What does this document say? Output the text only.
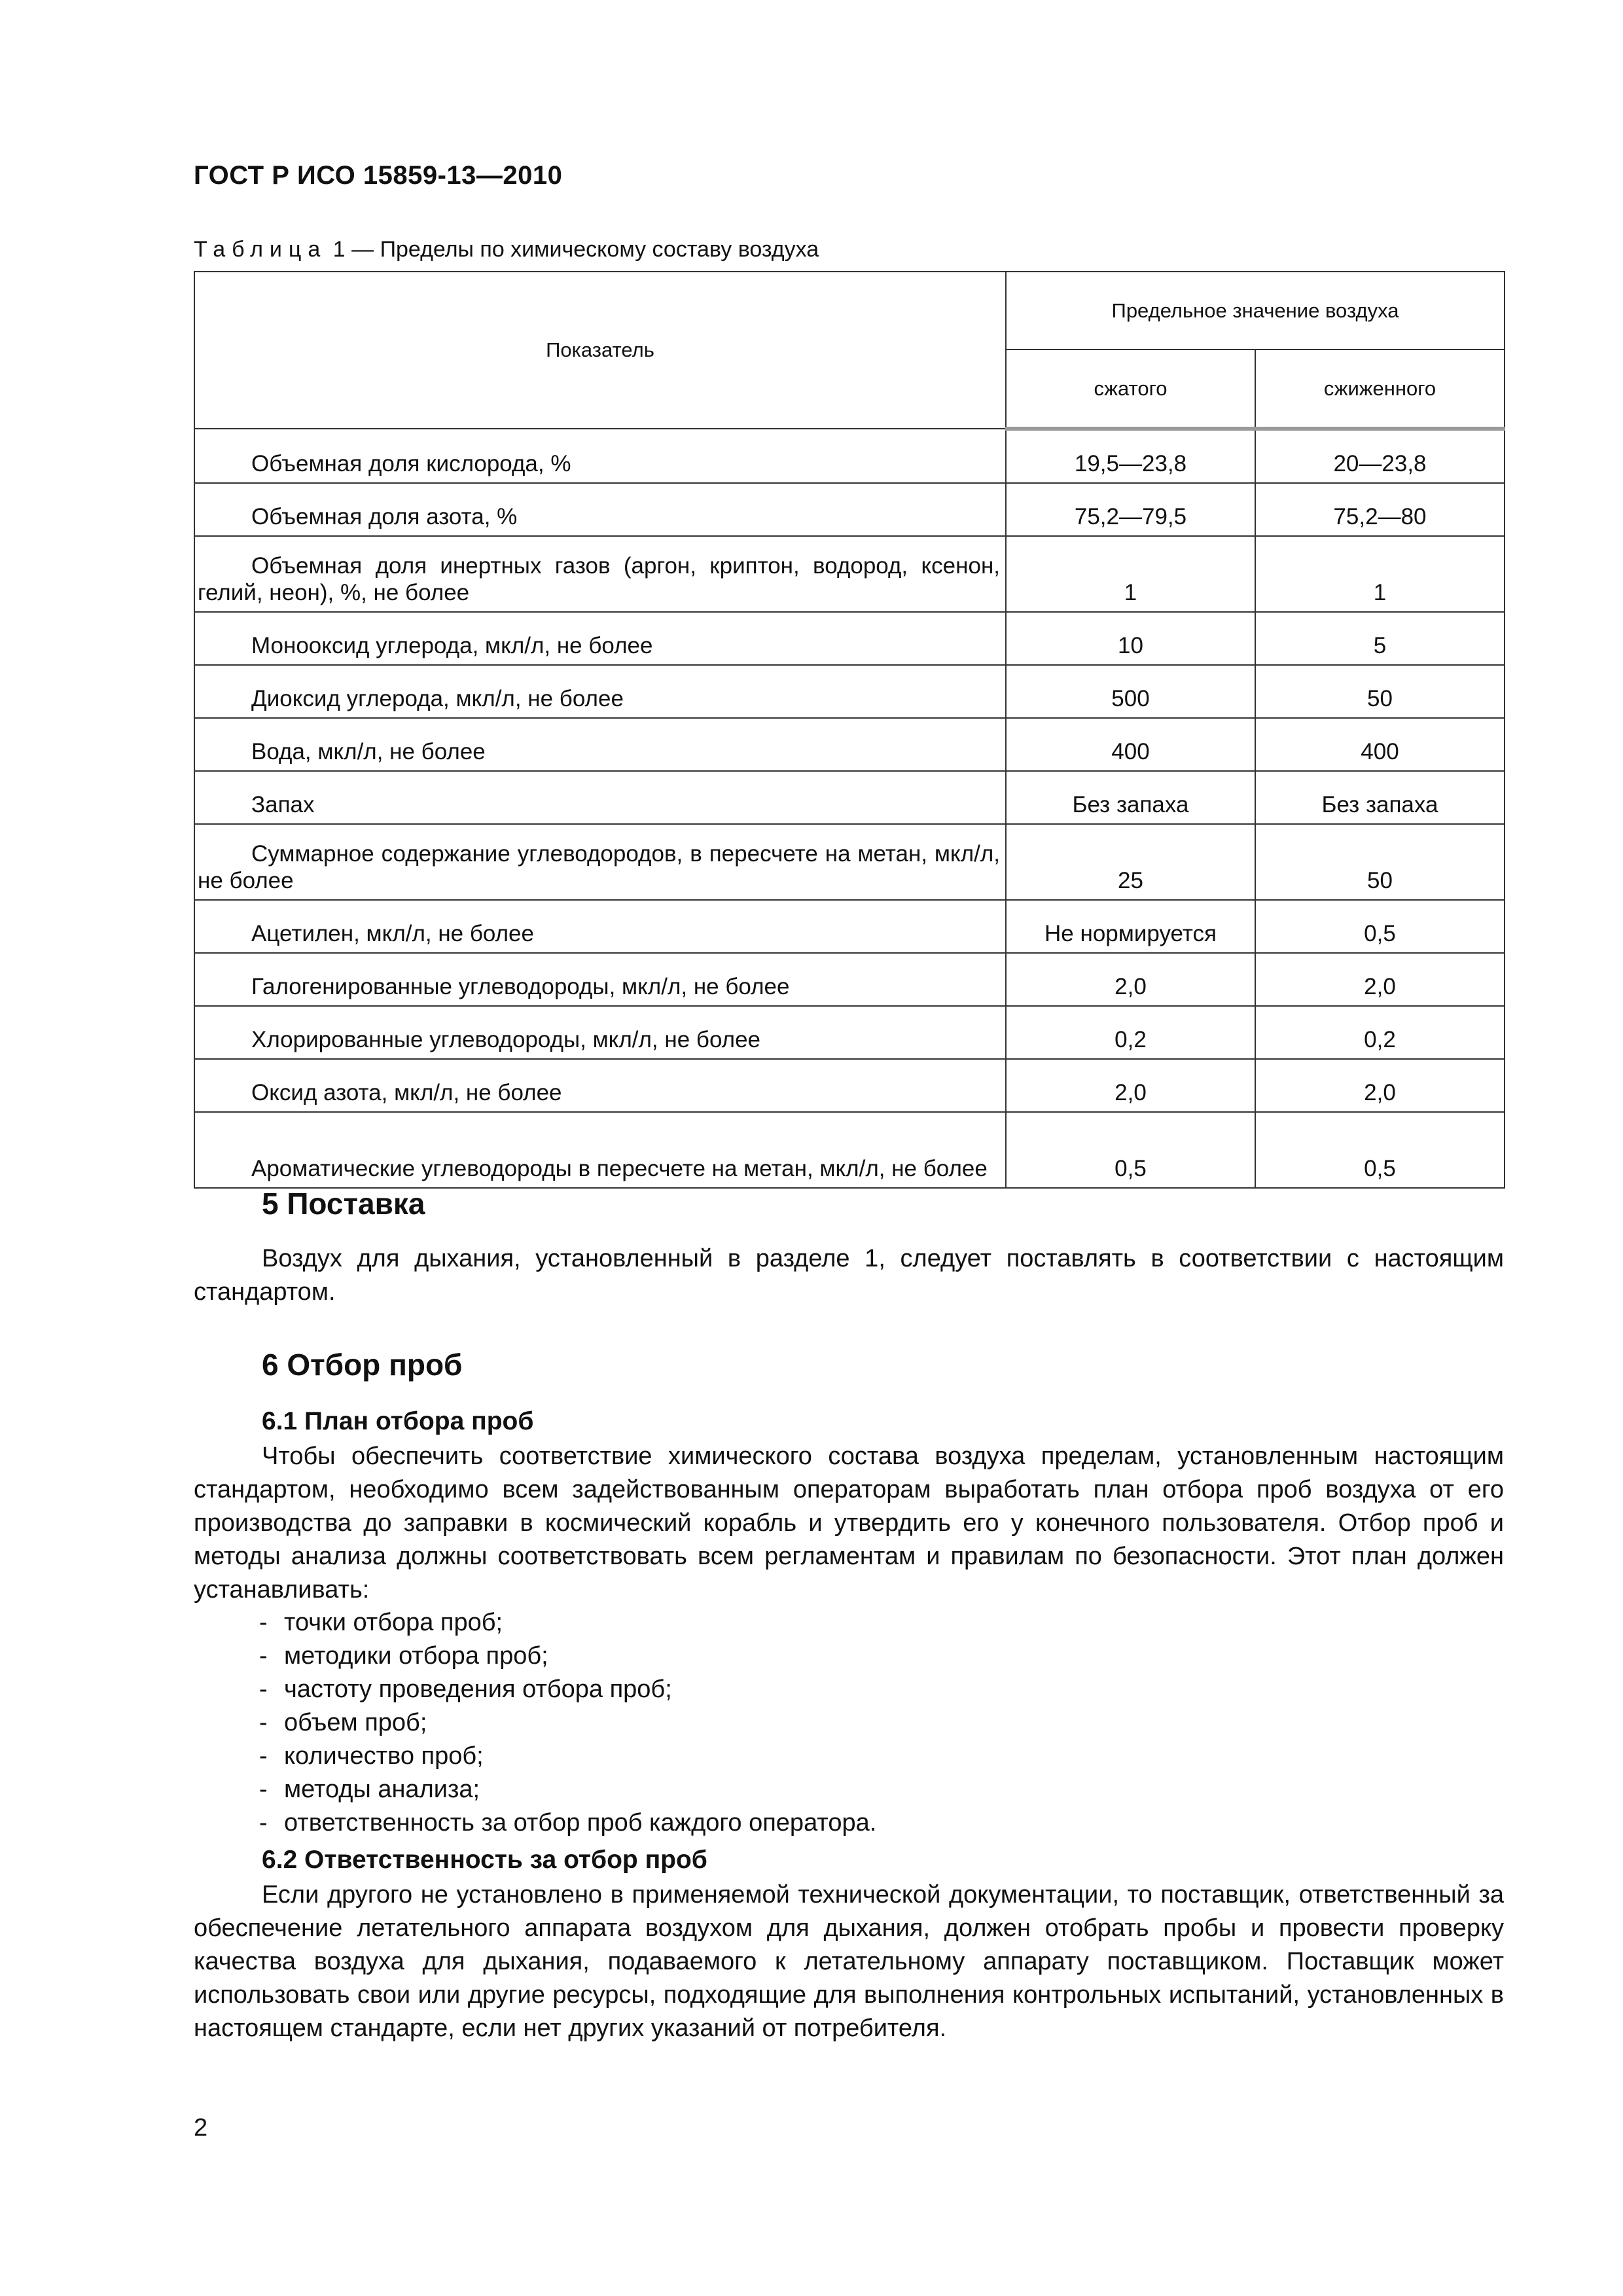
ГОСТ Р ИСО 15859-13—2010
Таблица 1 — Пределы по химическому составу воздуха
Показатель	Предельное значение воздуха	
	сжатого	сжиженного
Объемная доля кислорода, %	19,5—23,8	20—23,8
Объемная доля азота, %	75,2—79,5	75,2—80
Объемная доля инертных газов (аргон, криптон, водород, ксенон, гелий, неон), %, не более	1	1
Монооксид углерода, мкл/л, не более	10	5
Диоксид углерода, мкл/л, не более	500	50
Вода, мкл/л, не более	400	400
Запах	Без запаха	Без запаха
Суммарное содержание углеводородов, в пересчете на метан, мкл/л, не более	25	50
Ацетилен, мкл/л, не более	Не нормируется	0,5
Галогенированные углеводороды, мкл/л, не более	2,0	2,0
Хлорированные углеводороды, мкл/л, не более	0,2	0,2
Оксид азота, мкл/л, не более	2,0	2,0
Ароматические углеводороды в пересчете на метан, мкл/л, не более	0,5	0,5
5 Поставка
Воздух для дыхания, установленный в разделе 1, следует поставлять в соответствии с настоящим стандартом.
6 Отбор проб
6.1 План отбора проб
Чтобы обеспечить соответствие химического состава воздуха пределам, установленным настоящим стандартом, необходимо всем задействованным операторам выработать план отбора проб воздуха от его производства до заправки в космический корабль и утвердить его у конечного пользователя. Отбор проб и методы анализа должны соответствовать всем регламентам и правилам по безопасности. Этот план должен устанавливать:
- точки отбора проб;
- методики отбора проб;
- частоту проведения отбора проб;
- объем проб;
- количество проб;
- методы анализа;
- ответственность за отбор проб каждого оператора.
6.2 Ответственность за отбор проб
Если другого не установлено в применяемой технической документации, то поставщик, ответственный за обеспечение летательного аппарата воздухом для дыхания, должен отобрать пробы и провести проверку качества воздуха для дыхания, подаваемого к летательному аппарату поставщиком. Поставщик может использовать свои или другие ресурсы, подходящие для выполнения контрольных испытаний, установленных в настоящем стандарте, если нет других указаний от потребителя.
2
